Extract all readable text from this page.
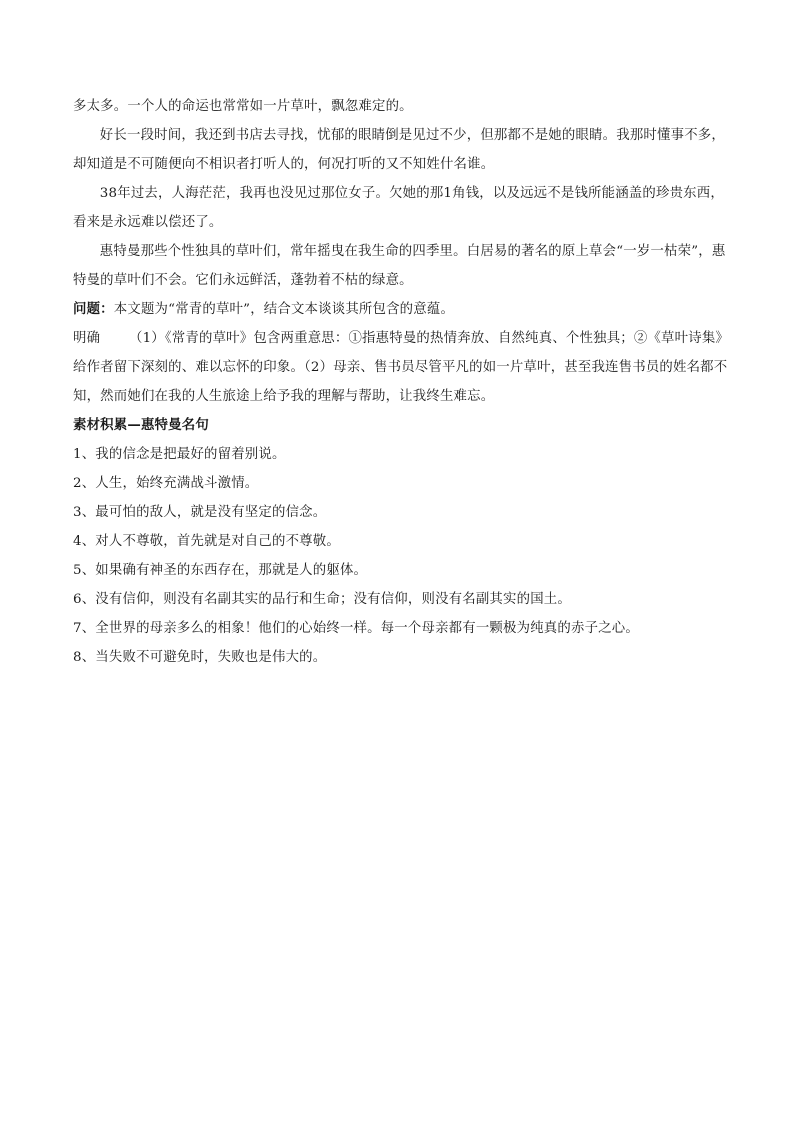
多太多。一个人的命运也常常如一片草叶，飘忽难定的。

好长一段时间，我还到书店去寻找，忧郁的眼睛倒是见过不少，但那都不是她的眼睛。我那时懂事不多，却知道是不可随便向不相识者打听人的，何况打听的又不知姓什名谁。

38年过去，人海茫茫，我再也没见过那位女子。欠她的那1角钱，以及远远不是钱所能涵盖的珍贵东西，看来是永远难以偿还了。

惠特曼那些个性独具的草叶们，常年摇曳在我生命的四季里。白居易的著名的原上草会“一岁一枯荣”，惠特曼的草叶们不会。它们永远鲜活，蓬勃着不枯的绿意。

问题：本文题为“常青的草叶”，结合文本谈谈其所包含的意蕴。

明确 （1）《常青的草叶》包含两重意思：①指惠特曼的热情奔放、自然纯真、个性独具；②《草叶诗集》给作者留下深刻的、难以忘怀的印象。（2）母亲、售书员尽管平凡的如一片草叶，甚至我连售书员的姓名都不知，然而她们在我的人生旅途上给予我的理解与帮助，让我终生难忘。

素材积累—惠特曼名句

1、我的信念是把最好的留着别说。

2、人生，始终充满战斗激情。

3、最可怕的敌人，就是没有坚定的信念。

4、对人不尊敬，首先就是对自己的不尊敬。

5、如果确有神圣的东西存在，那就是人的躯体。

6、没有信仰，则没有名副其实的品行和生命；没有信仰，则没有名副其实的国土。

7、全世界的母亲多么的相象！他们的心始终一样。每一个母亲都有一颗极为纯真的赤子之心。

8、当失败不可避免时，失败也是伟大的。
